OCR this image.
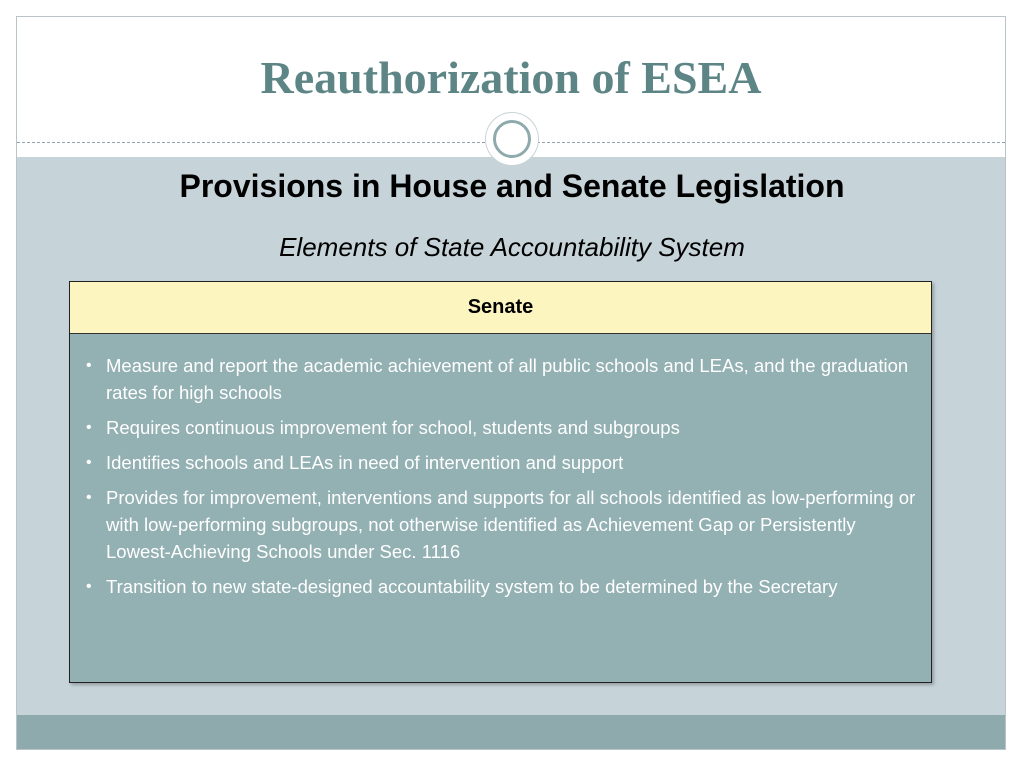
Reauthorization of ESEA
Provisions in House and Senate Legislation
Elements of State Accountability System
Senate
• Measure and report the academic achievement of all public schools and LEAs, and the graduation rates for high schools
• Requires continuous improvement for school, students and subgroups
• Identifies schools and LEAs in need of intervention and support
• Provides for improvement, interventions and supports for all schools identified as low-performing or with low-performing subgroups, not otherwise identified as Achievement Gap or Persistently Lowest-Achieving Schools under Sec. 1116
• Transition to new state-designed accountability system to be determined by the Secretary
